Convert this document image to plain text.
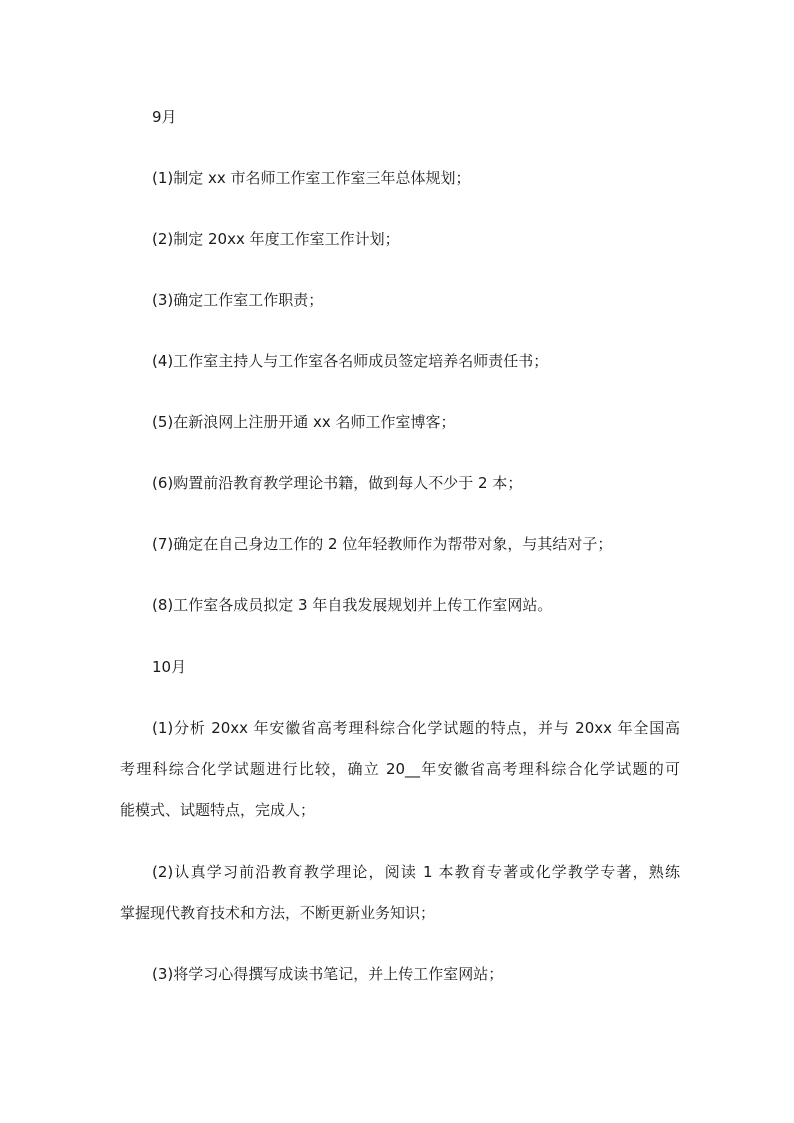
9月
(1)制定 xx 市名师工作室工作室三年总体规划；
(2)制定 20xx 年度工作室工作计划；
(3)确定工作室工作职责；
(4)工作室主持人与工作室各名师成员签定培养名师责任书；
(5)在新浪网上注册开通 xx 名师工作室博客；
(6)购置前沿教育教学理论书籍，做到每人不少于 2 本；
(7)确定在自己身边工作的 2 位年轻教师作为帮带对象，与其结对子；
(8)工作室各成员拟定 3 年自我发展规划并上传工作室网站。
10月
(1)分析 20xx 年安徽省高考理科综合化学试题的特点，并与 20xx 年全国高
考理科综合化学试题进行比较，确立 20__年安徽省高考理科综合化学试题的可
能模式、试题特点，完成人；
(2)认真学习前沿教育教学理论，阅读 1 本教育专著或化学教学专著，熟练
掌握现代教育技术和方法，不断更新业务知识；
(3)将学习心得撰写成读书笔记，并上传工作室网站；
